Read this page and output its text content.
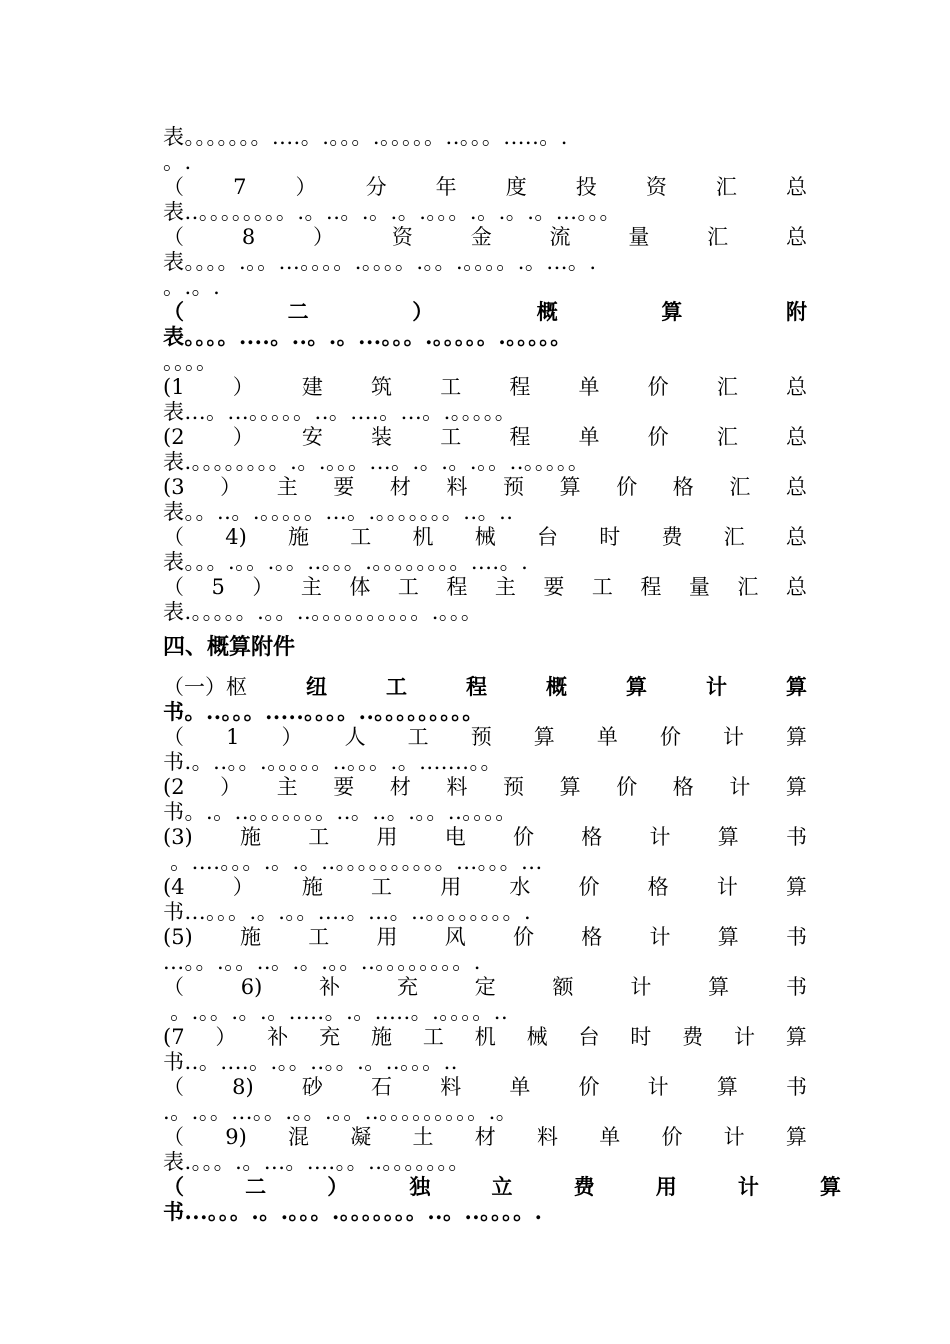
表。。。。。。。....。.。。。.。。。。。..。。。.....。.
。.
（ 7 ） 分 年 度 投 资 汇 总
表..。。。。。。。。.。..。.。.。.。。。.。.。.。...。。。
（	8	）	资	金	流	量	汇	总
表。。。。.。。...。。。。.。。。。.。。.。。。。.。...。.
。.。.
（	二	）	概	算	附
表。。。。....。..。.。...。。。.。。。。。.。。。。。
。。。。
(1 ） 建 筑 工 程 单 价 汇 总
表...。...。。。。。..。....。...。.。。。。。
(2 ） 安 装 工 程 单 价 汇 总
表.。。。。。。。。.。.。。。...。.。.。.。。..。。。。。
(3 ） 主 要 材 料 预 算 价 格 汇 总
表。。..。.。。。。。...。.。。。。。。。..。..
（ 4) 施 工 机 械 台 时 费 汇 总
表。。。.。。.。。..。。。.。。。。。。。。....。.
（ 5 ） 主 体 工 程 主 要 工 程 量 汇 总
表.。。。。。.。。..。。。。。。。。。。.。。。
四、概算附件
（一）枢	纽	工	程	概	算	计	算
书。..。。。.....。。。。..。。。。。。。。。
（ 1 ） 人 工 预 算 单 价 计 算
书.。..。。.。。。。。..。。。.。.......。。
(2 ） 主 要 材 料 预 算 价 格 计 算
书。.。..。。。。。。。..。..。.。。..。。。。
(3) 施 工 用 电 价 格 计 算 书
。....。。。.。.。..。。。。。。。。。。...。。。...
(4 ） 施 工 用 水 价 格 计 算
书...。。。.。.。。....。...。..。。。。。。。。.
(5) 施 工 用 风 价 格 计 算 书
...。。.。。..。.。.。。..。。。。。。。。.
（	6)	补	充	定	额	计	算	书
。.。。.。.。.....。.。.....。.。。。。..
(7 ） 补 充 施 工 机 械 台 时 费 计 算
书..。....。.。。..。。.。..。。。..
（ 8) 砂 石 料 单 价 计 算 书
.。.。。...。。.。。.。。..。。。。。。。。。.。
（ 9) 混 凝 土 材 料 单 价 计 算
表.。。。.。...。....。。..。。。。。。。
（	二	）	独	立	费	用	计	算
书...。。。.。.。。。.。。。。。。。..。..。。。。.
